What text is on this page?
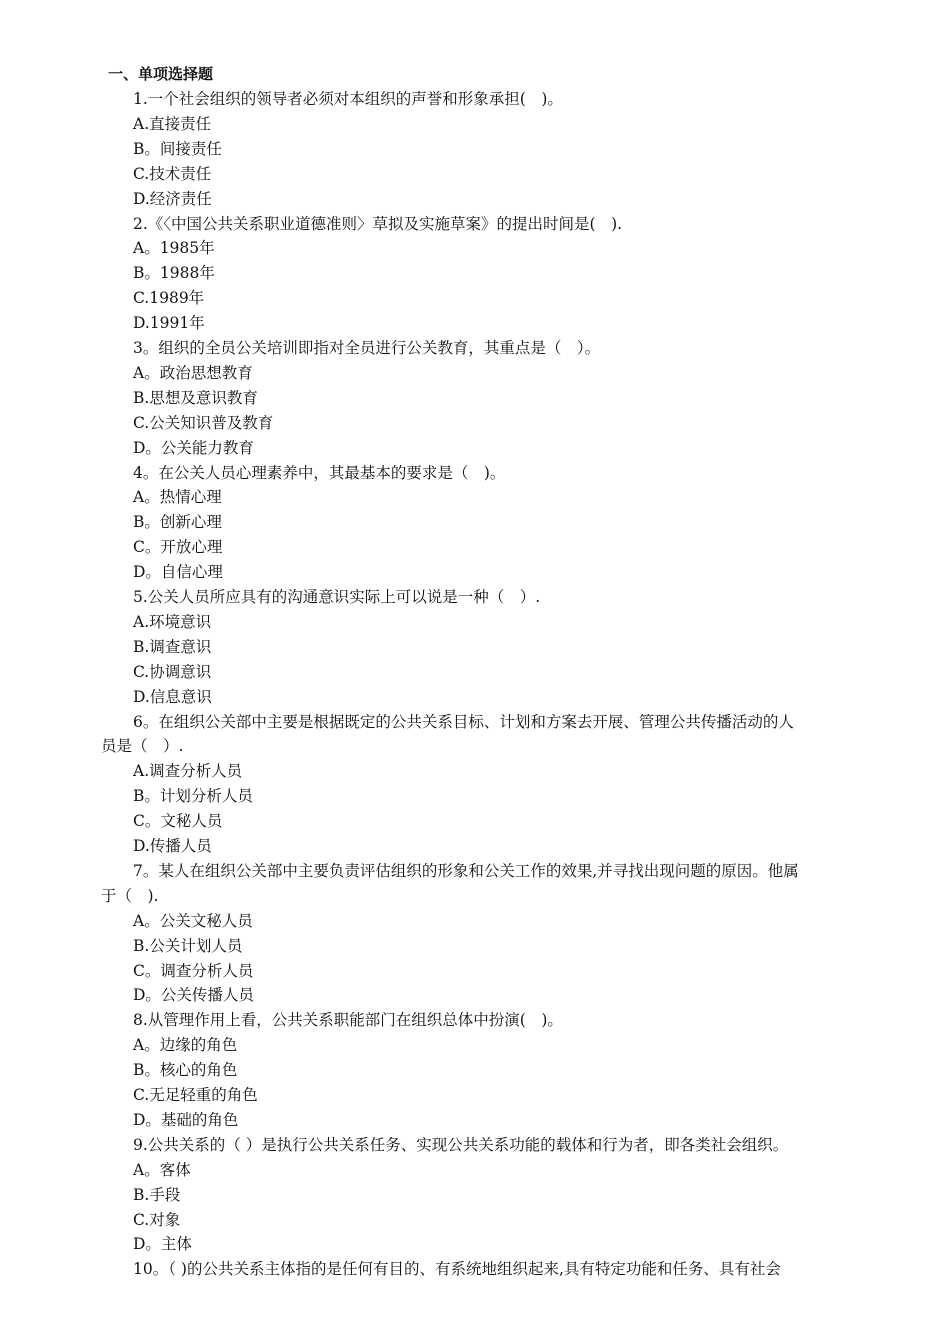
一、单项选择题
1.一个社会组织的领导者必须对本组织的声誉和形象承担(　)。
A.直接责任
B。间接责任
C.技术责任
D.经济责任
2.《〈中国公共关系职业道德准则〉草拟及实施草案》的提出时间是(　).
A。1985年
B。1988年
C.1989年
D.1991年
3。组织的全员公关培训即指对全员进行公关教育，其重点是（　）。
A。政治思想教育
B.思想及意识教育
C.公关知识普及教育
D。公关能力教育
4。在公关人员心理素养中，其最基本的要求是（　)。
A。热情心理
B。创新心理
C。开放心理
D。自信心理
5.公关人员所应具有的沟通意识实际上可以说是一种（　）.
A.环境意识
B.调查意识
C.协调意识
D.信息意识
6。在组织公关部中主要是根据既定的公共关系目标、计划和方案去开展、管理公共传播活动的人
员是（　）.
A.调查分析人员
B。计划分析人员
C。文秘人员
D.传播人员
7。某人在组织公关部中主要负责评估组织的形象和公关工作的效果,并寻找出现问题的原因。他属
于（　).
A。公关文秘人员
B.公关计划人员
C。调查分析人员
D。公关传播人员
8.从管理作用上看，公共关系职能部门在组织总体中扮演(　)。
A。边缘的角色
B。核心的角色
C.无足轻重的角色
D。基础的角色
9.公共关系的（ ）是执行公共关系任务、实现公共关系功能的载体和行为者，即各类社会组织。
A。客体
B.手段
C.对象
D。主体
10。（ )的公共关系主体指的是任何有目的、有系统地组织起来,具有特定功能和任务、具有社会
